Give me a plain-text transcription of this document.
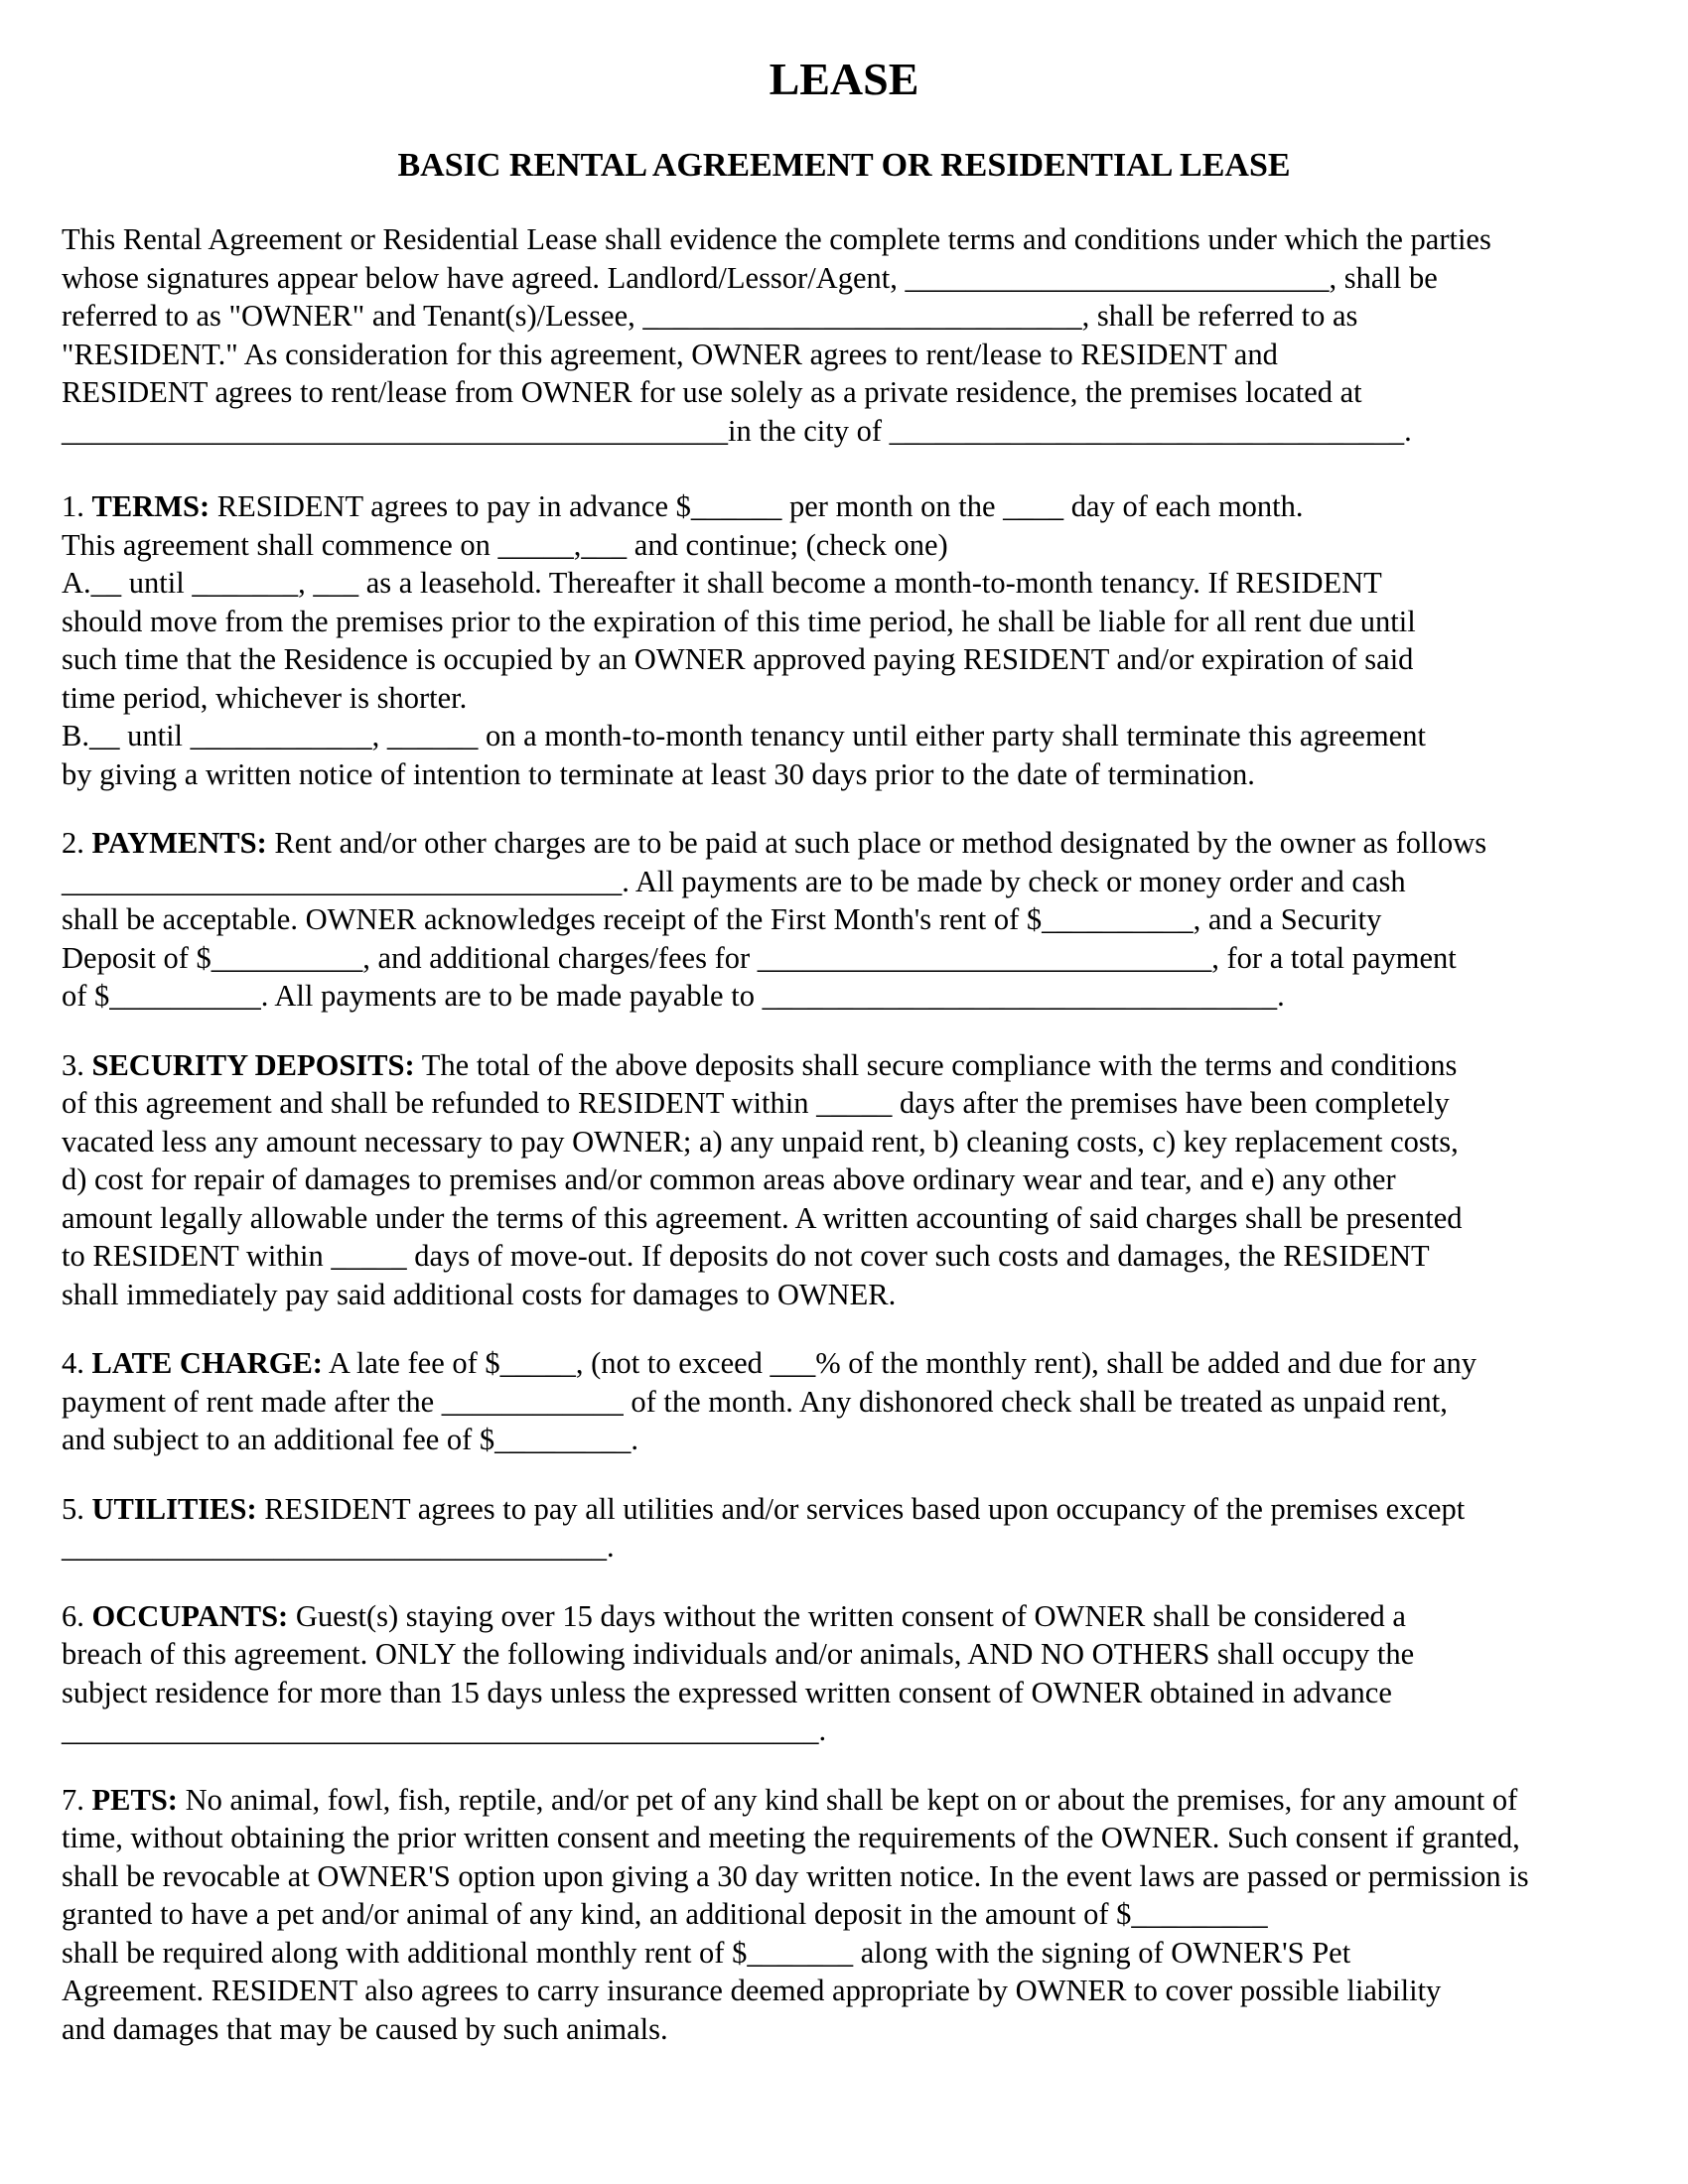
LEASE
BASIC RENTAL AGREEMENT OR RESIDENTIAL LEASE
This Rental Agreement or Residential Lease shall evidence the complete terms and conditions under which the parties
whose signatures appear below have agreed. Landlord/Lessor/Agent, ____________________________, shall be
referred to as "OWNER" and Tenant(s)/Lessee, _____________________________, shall be referred to as
"RESIDENT." As consideration for this agreement, OWNER agrees to rent/lease to RESIDENT and
RESIDENT agrees to rent/lease from OWNER for use solely as a private residence, the premises located at
____________________________________________in the city of __________________________________.
1. TERMS: RESIDENT agrees to pay in advance $______ per month on the ____ day of each month.
This agreement shall commence on _____,___ and continue; (check one)
A.__ until _______, ___ as a leasehold. Thereafter it shall become a month-to-month tenancy. If RESIDENT
should move from the premises prior to the expiration of this time period, he shall be liable for all rent due until
such time that the Residence is occupied by an OWNER approved paying RESIDENT and/or expiration of said
time period, whichever is shorter.
B.__ until ____________, ______ on a month-to-month tenancy until either party shall terminate this agreement
by giving a written notice of intention to terminate at least 30 days prior to the date of termination.
2. PAYMENTS: Rent and/or other charges are to be paid at such place or method designated by the owner as follows
_____________________________________. All payments are to be made by check or money order and cash
shall be acceptable. OWNER acknowledges receipt of the First Month's rent of $__________, and a Security
Deposit of $__________, and additional charges/fees for ______________________________, for a total payment
of $__________. All payments are to be made payable to __________________________________.
3. SECURITY DEPOSITS: The total of the above deposits shall secure compliance with the terms and conditions
of this agreement and shall be refunded to RESIDENT within _____ days after the premises have been completely
vacated less any amount necessary to pay OWNER; a) any unpaid rent, b) cleaning costs, c) key replacement costs,
d) cost for repair of damages to premises and/or common areas above ordinary wear and tear, and e) any other
amount legally allowable under the terms of this agreement. A written accounting of said charges shall be presented
to RESIDENT within _____ days of move-out. If deposits do not cover such costs and damages, the RESIDENT
shall immediately pay said additional costs for damages to OWNER.
4. LATE CHARGE: A late fee of $_____, (not to exceed ___% of the monthly rent), shall be added and due for any
payment of rent made after the ____________ of the month. Any dishonored check shall be treated as unpaid rent,
and subject to an additional fee of $_________.
5. UTILITIES: RESIDENT agrees to pay all utilities and/or services based upon occupancy of the premises except
____________________________________.
6. OCCUPANTS: Guest(s) staying over 15 days without the written consent of OWNER shall be considered a
breach of this agreement. ONLY the following individuals and/or animals, AND NO OTHERS shall occupy the
subject residence for more than 15 days unless the expressed written consent of OWNER obtained in advance
__________________________________________________.
7. PETS: No animal, fowl, fish, reptile, and/or pet of any kind shall be kept on or about the premises, for any amount of
time, without obtaining the prior written consent and meeting the requirements of the OWNER. Such consent if granted,
shall be revocable at OWNER'S option upon giving a 30 day written notice. In the event laws are passed or permission is
granted to have a pet and/or animal of any kind, an additional deposit in the amount of $_________
shall be required along with additional monthly rent of $_______ along with the signing of OWNER'S Pet
Agreement. RESIDENT also agrees to carry insurance deemed appropriate by OWNER to cover possible liability
and damages that may be caused by such animals.
